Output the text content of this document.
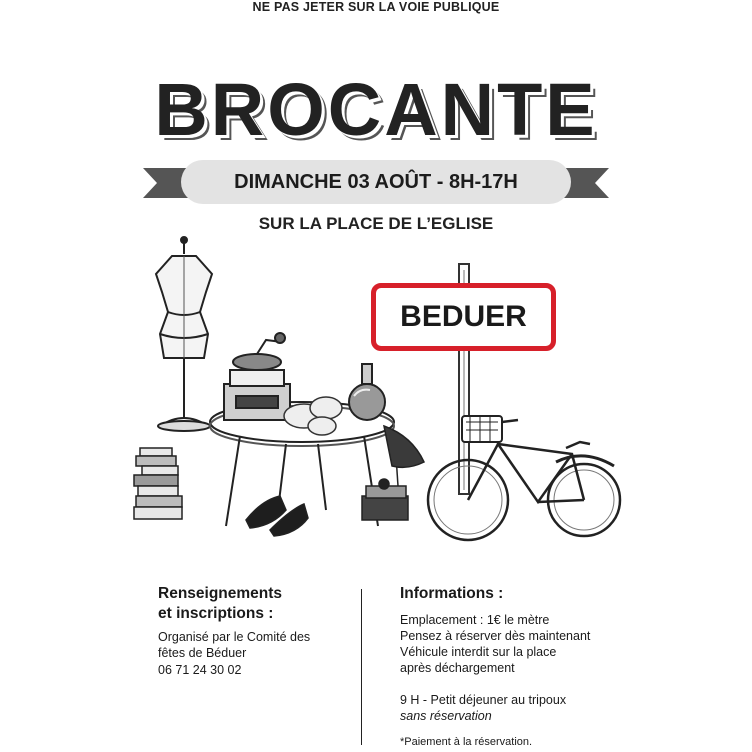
NE PAS JETER SUR LA VOIE PUBLIQUE
BROCANTE
DIMANCHE 03 AOÛT - 8H-17H
SUR LA PLACE DE L’EGLISE
BEDUER
Renseignements
et inscriptions :
Organisé par le Comité des
fêtes de Béduer
06 71 24 30 02
Informations :
Emplacement : 1€ le mètre
Pensez à réserver dès maintenant
Véhicule interdit sur la place
après déchargement
9 H - Petit déjeuner au tripoux
sans réservation
*Paiement à la réservation.
